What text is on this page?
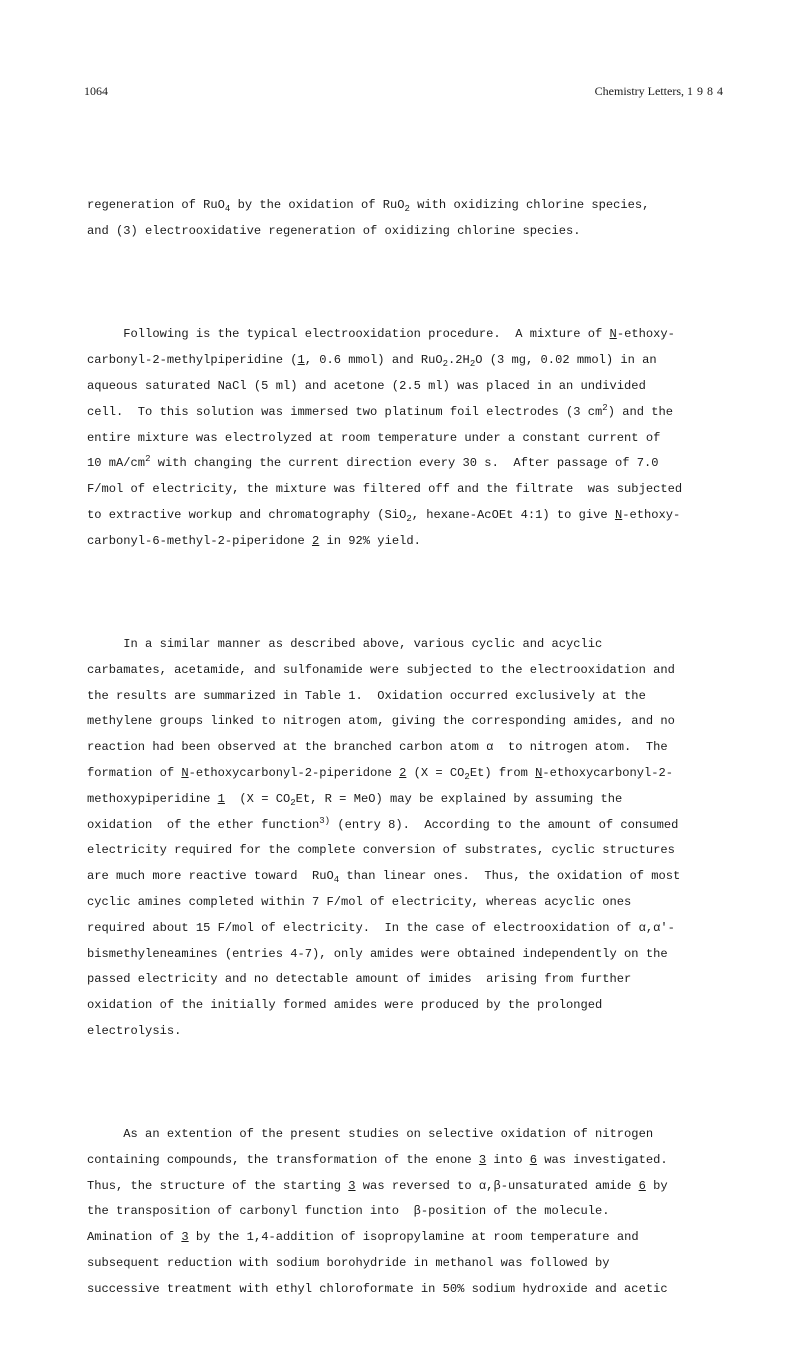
1064	Chemistry Letters, 1984

regeneration of RuO$_4$ by the oxidation of RuO$_2$ with oxidizing chlorine species,
and (3) electrooxidative regeneration of oxidizing chlorine species.

Following is the typical electrooxidation procedure.  A mixture of N-ethoxy-
carbonyl-2-methylpiperidine (1, 0.6 mmol) and $RuO_2.2H_2O$ (3 mg, 0.02 mmol) in an
aqueous saturated NaCl (5 ml) and acetone (2.5 ml) was placed in an undivided
cell.  To this solution was immersed two platinum foil electrodes (3 $cm^2$) and the
entire mixture was electrolyzed at room temperature under a constant current of
10 $mA/cm^2$ with changing the current direction every 30 s.  After passage of 7.0
F/mol of electricity, the mixture was filtered off and the filtrate  was subjected
to extractive workup and chromatography (SiO$_2$, hexane-AcOEt 4:1) to give N-ethoxy-
carbonyl-6-methyl-2-piperidone 2 in 92% yield.

In a similar manner as described above, various cyclic and acyclic
carbamates, acetamide, and sulfonamide were subjected to the electrooxidation and
the results are summarized in Table 1.  Oxidation occurred exclusively at the
methylene groups linked to nitrogen atom, giving the corresponding amides, and no
reaction had been observed at the branched carbon atom α  to nitrogen atom.  The
formation of N-ethoxycarbonyl-2-piperidone 2 $(X = CO_2Et)$ from N-ethoxycarbonyl-2-
methoxypiperidine 1  ($X = CO_2Et$, R = MeO) may be explained by assuming the
oxidation  of the ether function$^{3)}$ (entry 8).  According to the amount of consumed
electricity required for the complete conversion of substrates, cyclic structures
are much more reactive toward  RuO$_4$ than linear ones.  Thus, the oxidation of most
cyclic amines completed within 7 F/mol of electricity, whereas acyclic ones
required about 15 F/mol of electricity.  In the case of electrooxidation of α,α'-
bismethyleneamines (entries 4-7), only amides were obtained independently on the
passed electricity and no detectable amount of imides  arising from further
oxidation of the initially formed amides were produced by the prolonged
electrolysis.

As an extention of the present studies on selective oxidation of nitrogen
containing compounds, the transformation of the enone 3 into 6 was investigated.
Thus, the structure of the starting 3 was reversed to α,β-unsaturated amide 6 by
the transposition of carbonyl function into  β-position of the molecule.
Amination of 3 by the 1,4-addition of isopropylamine at room temperature and
subsequent reduction with sodium borohydride in methanol was followed by
successive treatment with ethyl chloroformate in 50% sodium hydroxide and acetic
